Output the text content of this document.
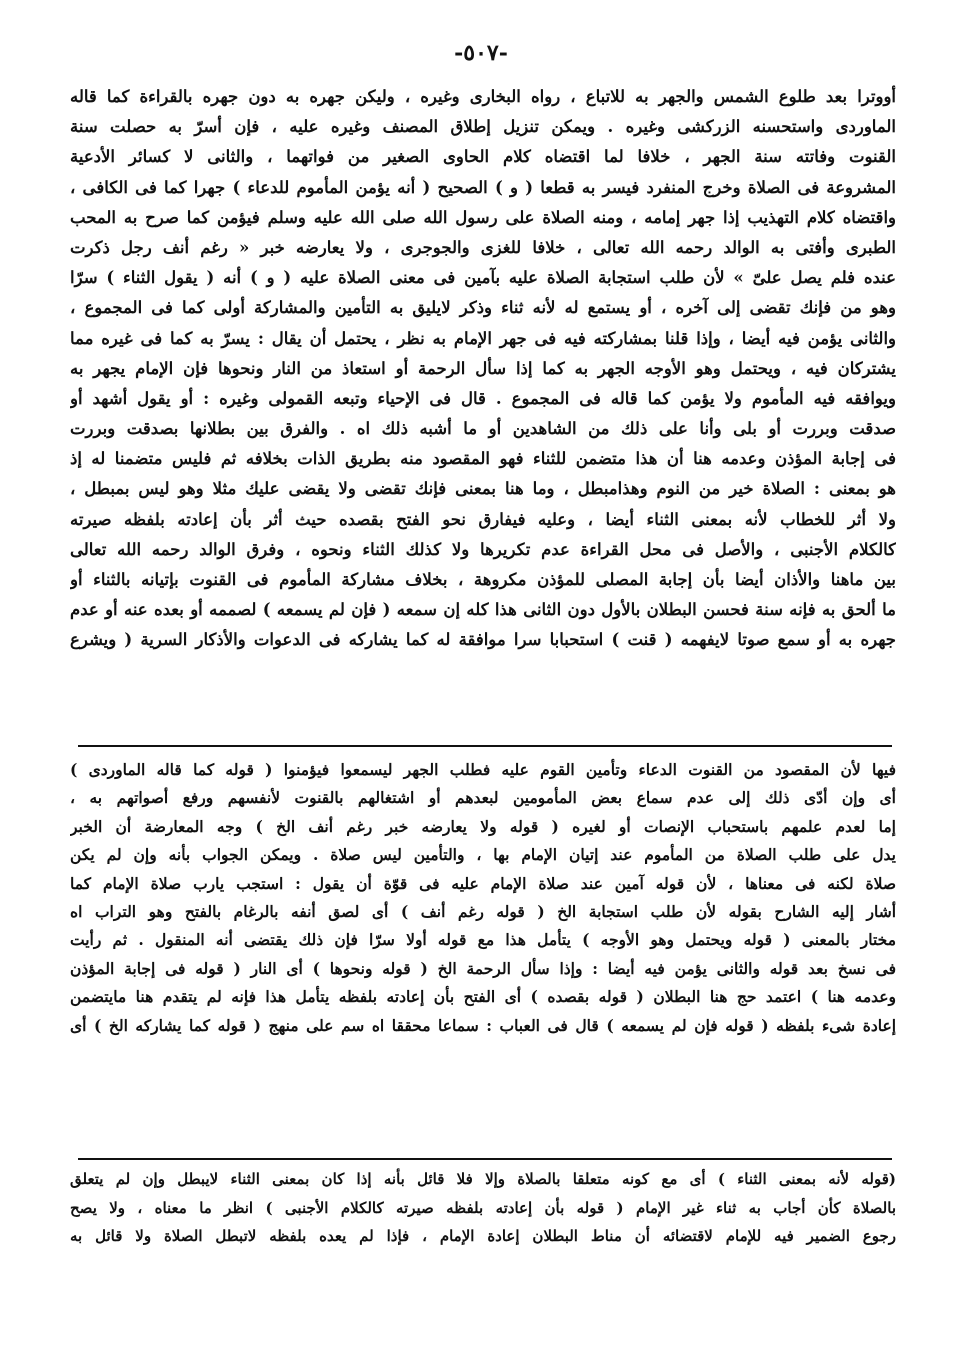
-٥٠٧-
أووترا بعد طلوع الشمس والجهر به للاتباع ، رواه البخارى وغيره ، وليكن جهره به دون جهره بالقراءة كما قاله
الماوردى واستحسنه الزركشى وغيره . ويمكن تنزيل إطلاق المصنف وغيره عليه ، فإن أسرّ به حصلت سنة
القنوت وفاتته سنة الجهر ، خلافا لما اقتضاه كلام الحاوى الصغير من فواتهما ، والثانى لا كسائر الأدعية
المشروعة فى الصلاة وخرج المنفرد فيسر به قطعا ( و ) الصحيح ( أنه يؤمن المأموم للدعاء ) جهرا كما فى الكافى ،
واقتضاه كلام التهذيب إذا جهر إمامه ، ومنه الصلاة على رسول الله صلى الله عليه وسلم فيؤمن كما صرح به المحب
الطبرى وأفتى به الوالد رحمه الله تعالى ، خلافا للغزى والجوجرى ، ولا يعارضه خبر « رغم أنف رجل ذكرت
عنده فلم يصل علىّ » لأن طلب استجابة الصلاة عليه بآمين فى معنى الصلاة عليه ( و ) أنه ( يقول الثناء ) سرّا
وهو من فإنك تقضى إلى آخره ، أو يستمع له لأنه ثناء وذكر لايليق به التأمين والمشاركة أولى كما فى المجموع ،
والثانى يؤمن فيه أيضا ، وإذا قلنا بمشاركته فيه فى جهر الإمام به نظر ، يحتمل أن يقال : يسرّ به كما فى غيره مما
يشتركان فيه ، ويحتمل وهو الأوجه الجهر به كما إذا سأل الرحمة أو استعاذ من النار ونحوها فإن الإمام يجهر به
ويوافقه فيه المأموم ولا يؤمن كما قاله فى المجموع . قال فى الإحياء وتبعه القمولى وغيره : أو يقول أشهد أو
صدقت وبررت أو بلى وأنا على ذلك من الشاهدين أو ما أشبه ذلك اه . والفرق بين بطلانها بصدقت وبررت
فى إجابة المؤذن وعدمه هنا أن هذا متضمن للثناء فهو المقصود منه بطريق الذات بخلافه ثم فليس متضمنا له إذ
هو بمعنى : الصلاة خير من النوم وهذامبطل ، وما هنا بمعنى فإنك تقضى ولا يقضى عليك مثلا وهو ليس بمبطل ،
ولا أثر للخطاب لأنه بمعنى الثناء أيضا ، وعليه فيفارق نحو الفتح بقصده حيث أثر بأن إعادته بلفظه صيرته
كالكلام الأجنبى ، والأصل فى محل القراءة عدم تكريرها ولا كذلك الثناء ونحوه ، وفرق الوالد رحمه الله تعالى
بين ماهنا والأذان أيضا بأن إجابة المصلى للمؤذن مكروهة ، بخلاف مشاركة المأموم فى القنوت بإتيانه بالثناء أو
ما ألحق به فإنه سنة فحسن البطلان بالأول دون الثانى هذا كله إن سمعه ( فإن لم يسمعه ) لصممه أو بعده عنه أو عدم
جهره به أو سمع صوتا لايفهمه ( قنت ) استحبابا سرا موافقة له كما يشاركه فى الدعوات والأذكار السرية ( ويشرع
فيها لأن المقصود من القنوت الدعاء وتأمين القوم عليه فطلب الجهر ليسمعوا فيؤمنوا ( قوله كما قاله الماوردى )
أى وإن أدّى ذلك إلى عدم سماع بعض المأمومين لبعدهم أو اشتغالهم بالقنوت لأنفسهم ورفع أصواتهم به ،
إما لعدم علمهم باستحباب الإنصات أو لغيره ( قوله ولا يعارضه خبر رغم أنف الخ ) وجه المعارضة أن الخبر
يدل على طلب الصلاة من المأموم عند إتيان الإمام بها ، والتأمين ليس صلاة . ويمكن الجواب بأنه وإن لم يكن
صلاة لكنه فى معناها ، لأن قوله آمين عند صلاة الإمام عليه فى قوّة أن يقول : استجب يارب صلاة الإمام كما
أشار إليه الشارح بقوله لأن طلب استجابة الخ ( قوله رغم أنف ) أى لصق أنفه بالرغام بالفتح وهو التراب اه
مختار بالمعنى ( قوله ويحتمل وهو الأوجه ) يتأمل هذا مع قوله أولا سرّا فإن ذلك يقتضى أنه المنقول . ثم رأيت
فى نسخ بعد قوله والثانى يؤمن فيه أيضا : وإذا سأل الرحمة الخ ( قوله ونحوها ) أى النار ( قوله فى إجابة المؤذن
وعدمه هنا ) اعتمد حج هنا البطلان ( قوله بقصده ) أى الفتح بأن إعادته بلفظه يتأمل هذا فإنه لم يتقدم هنا مايتضمن
إعادة شىء بلفظه ( قوله فإن لم يسمعه ) قال فى العباب : سماعا محققا اه سم على منهج ( قوله كما يشاركه الخ ) أى
(قوله لأنه بمعنى الثناء ) أى مع كونه متعلقا بالصلاة وإلا فلا قائل بأنه إذا كان بمعنى الثناء لايبطل وإن لم يتعلق
بالصلاة كأن أجاب به ثناء غير الإمام ( قوله بأن إعادته بلفظه صيرته كالكلام الأجنبى ) انظر ما معناه ، ولا يصح
رجوع الضمير فيه للإمام لاقتضائه أن مناط البطلان إعادة الإمام ، فإذا لم يعده بلفظه لاتبطل الصلاة ولا قائل به
